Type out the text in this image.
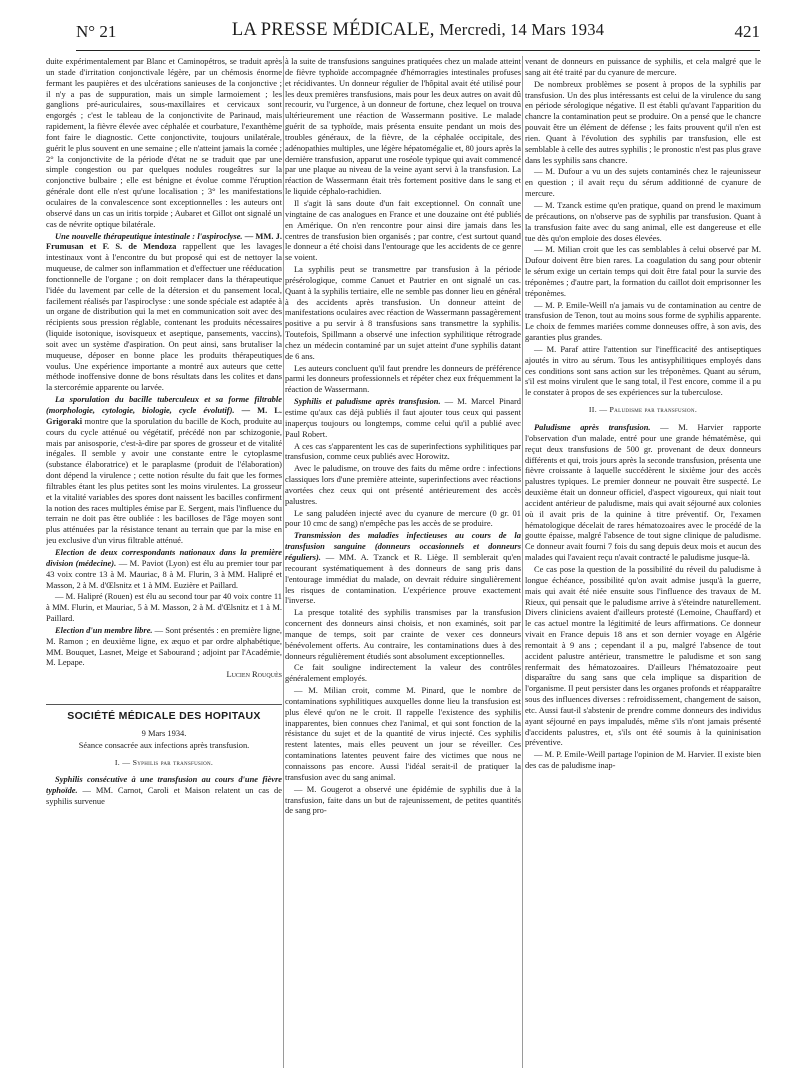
N° 21	LA PRESSE MÉDICALE, Mercredi, 14 Mars 1934	421

duite expérimentalement par Blanc et Caminopétros, se traduit après un stade d'irritation conjonctivale légère, par un chémosis énorme fermant les paupières et des ulcérations sanieuses de la conjonctive ; il n'y a pas de suppuration, mais un simple larmoiement ; les ganglions pré-auriculaires, sous-maxillaires et cervicaux sont engorgés ; c'est le tableau de la conjonctivite de Parinaud, mais rapidement, la fièvre élevée avec céphalée et courbature, l'exanthème font faire le diagnostic. Cette conjonctivite, toujours unilatérale, guérit le plus souvent en une semaine ; elle n'atteint jamais la cornée ; 2° la conjonctivite de la période d'état ne se traduit que par une simple congestion ou par quelques nodules rougeâtres sur la conjonctive bulbaire ; elle est bénigne et évolue comme l'éruption générale dont elle n'est qu'une localisation ; 3° les manifestations oculaires de la convalescence sont exceptionnelles : les auteurs ont observé dans un cas un iritis torpide ; Aubaret et Gillot ont signalé un cas de névrite optique bilatérale.

Une nouvelle thérapeutique intestinale : l'aspiroclyse. — MM. J. Frumusan et F. S. de Mendoza rappellent que les lavages intestinaux vont à l'encontre du but proposé qui est de nettoyer la muqueuse, de calmer son inflammation et d'effectuer une rééducation fonctionnelle de l'organe ; on doit remplacer dans la thérapeutique l'idée du lavement par celle de la détersion et du pansement local, facilement réalisés par l'aspiroclyse : une sonde spéciale est adaptée à un organe de distribution qui la met en communication soit avec des récipients sous pression réglable, contenant les produits nécessaires (liquide isotonique, isovisqueux et aseptique, pansements, vaccins), soit avec un système d'aspiration. On peut ainsi, sans brutaliser la muqueuse, déposer en bonne place les produits thérapeutiques voulus. Une expérience importante a montré aux auteurs que cette méthode inoffensive donne de bons résultats dans les colites et dans la stercorémie apparente ou larvée.

La sporulation du bacille tuberculeux et sa forme filtrable (morphologie, cytologie, biologie, cycle évolutif). — M. L. Grigoraki montre que la sporulation du bacille de Koch, produite au cours du cycle atténué ou végétatif, précédé non par schizogonie, mais par anisosporie, c'est-à-dire par spores de grosseur et de vitalité inégales. Il semble y avoir une constante entre le cytoplasme (substance élaboratrice) et le paraplasme (produit de l'élaboration) dont dépend la virulence ; cette notion résulte du fait que les formes filtrables étant les plus petites sont les moins virulentes. La grosseur et la vitalité variables des spores dont naissent les bacilles confirment la notion des races multiples émise par E. Sergent, mais l'influence du terrain ne doit pas être oubliée : les bacilloses de l'âge moyen sont plus atténuées par la résistance tenant au terrain que par la mise en jeu exclusive d'un virus filtrable atténué.

Election de deux correspondants nationaux dans la première division (médecine). — M. Paviot (Lyon) est élu au premier tour par 43 voix contre 13 à M. Mauriac, 8 à M. Flurin, 3 à MM. Halipré et Masson, 2 à M. d'Œlsnitz et 1 à MM. Euzière et Paillard.

— M. Halipré (Rouen) est élu au second tour par 40 voix contre 11 à MM. Flurin, et Mauriac, 5 à M. Masson, 2 à M. d'Œlsnitz et 1 à M. Paillard.

Election d'un membre libre. — Sont présentés : en première ligne, M. Ramon ; en deuxième ligne, ex æquo et par ordre alphabétique, MM. Bouquet, Lasnet, Meige et Sabourand ; adjoint par l'Académie, M. Lepape.

Lucien Rouquès

SOCIÉTÉ MÉDICALE DES HOPITAUX

9 Mars 1934.

Séance consacrée aux infections après transfusion.

I. — Syphilis par transfusion.

Syphilis consécutive à une transfusion au cours d'une fièvre typhoïde. — MM. Carnot, Caroli et Maison relatent un cas de syphilis survenue

à la suite de transfusions sanguines pratiquées chez un malade atteint de fièvre typhoïde accompagnée d'hémorragies intestinales profuses et récidivantes. Un donneur régulier de l'hôpital avait été utilisé pour les deux premières transfusions, mais pour les deux autres on avait dû recourir, vu l'urgence, à un donneur de fortune, chez lequel on trouva ultérieurement une réaction de Wassermann positive. Le malade guérit de sa typhoïde, mais présenta ensuite pendant un mois des troubles généraux, de la fièvre, de la céphalée occipitale, des adénopathies multiples, une légère hépatomégalie et, 80 jours après la dernière transfusion, apparut une roséole typique qui avait commencé par une plaque au niveau de la veine ayant servi à la transfusion. La réaction de Wassermann était très fortement positive dans le sang et le liquide céphalo-rachidien.

Il s'agit là sans doute d'un fait exceptionnel. On connaît une vingtaine de cas analogues en France et une douzaine ont été publiés en Amérique. On n'en rencontre pour ainsi dire jamais dans les centres de transfusion bien organisés ; par contre, c'est surtout quand le donneur a été choisi dans l'entourage que les accidents de ce genre se voient.

La syphilis peut se transmettre par transfusion à la période présérologique, comme Canuet et Pautrier en ont signalé un cas. Quant à la syphilis tertiaire, elle ne semble pas donner lieu en général à des accidents après transfusion. Un donneur atteint de manifestations oculaires avec réaction de Wassermann passagèrement positive a pu servir à 8 transfusions sans transmettre la syphilis. Toutefois, Spillmann a observé une infection syphilitique rétrograde chez un médecin contaminé par un sujet atteint d'une syphilis datant de 6 ans.

Les auteurs concluent qu'il faut prendre les donneurs de préférence parmi les donneurs professionnels et répéter chez eux fréquemment la réaction de Wassermann.

Syphilis et paludisme après transfusion. — M. Marcel Pinard estime qu'aux cas déjà publiés il faut ajouter tous ceux qui passent inaperçus toujours ou longtemps, comme celui qu'il a publié avec Paul Robert.

A ces cas s'apparentent les cas de superinfections syphilitiques par transfusion, comme ceux publiés avec Horowitz.

Avec le paludisme, on trouve des faits du même ordre : infections classiques lors d'une première atteinte, superinfections avec réactions avortées chez ceux qui ont présenté antérieurement des accès palustres.

Le sang paludéen injecté avec du cyanure de mercure (0 gr. 01 pour 10 cmc de sang) n'empêche pas les accès de se produire.

Transmission des maladies infectieuses au cours de la transfusion sanguine (donneurs occasionnels et donneurs réguliers). — MM. A. Tzanck et R. Liège. Il semblerait qu'en recourant systématiquement à des donneurs de sang pris dans l'entourage immédiat du malade, on devrait réduire singulièrement les risques de contamination. L'expérience prouve exactement l'inverse.

La presque totalité des syphilis transmises par la transfusion concernent des donneurs ainsi choisis, et non examinés, soit par manque de temps, soit par crainte de vexer ces donneurs bénévolement offerts. Au contraire, les contaminations dues à des donneurs régulièrement étudiés sont absolument exceptionnelles.

Ce fait souligne indirectement la valeur des contrôles généralement employés.

— M. Milian croit, comme M. Pinard, que le nombre de contaminations syphilitiques auxquelles donne lieu la transfusion est plus élevé qu'on ne le croit. Il rappelle l'existence des syphilis inapparentes, bien connues chez l'animal, et qui sont fonction de la résistance du sujet et de la quantité de virus injecté. Ces syphilis restent latentes, mais elles peuvent un jour se réveiller. Ces contaminations latentes peuvent faire des victimes que nous ne connaissons pas encore. Aussi l'idéal serait-il de pratiquer la transfusion avec du sang animal.

— M. Gougerot a observé une épidémie de syphilis due à la transfusion, faite dans un but de rajeunissement, de petites quantités de sang pro-

venant de donneurs en puissance de syphilis, et cela malgré que le sang ait été traité par du cyanure de mercure.

De nombreux problèmes se posent à propos de la syphilis par transfusion. Un des plus intéressants est celui de la virulence du sang en période sérologique négative. Il est établi qu'avant l'apparition du chancre la contamination peut se produire. On a pensé que le chancre pouvait être un élément de défense ; les faits prouvent qu'il n'en est rien. Quant à l'évolution des syphilis par transfusion, elle est semblable à celle des autres syphilis ; le pronostic n'est pas plus grave dans les syphilis sans chancre.

— M. Dufour a vu un des sujets contaminés chez le rajeunisseur en question ; il avait reçu du sérum additionné de cyanure de mercure.

— M. Tzanck estime qu'en pratique, quand on prend le maximum de précautions, on n'observe pas de syphilis par transfusion. Quant à la transfusion faite avec du sang animal, elle est dangereuse et elle tue dès qu'on emploie des doses élevées.

— M. Milian croit que les cas semblables à celui observé par M. Dufour doivent être bien rares. La coagulation du sang pour obtenir le sérum exige un certain temps qui doit être fatal pour la survie des tréponèmes ; d'autre part, la formation du caillot doit emprisonner les tréponèmes.

— M. P. Emile-Weill n'a jamais vu de contamination au centre de transfusion de Tenon, tout au moins sous forme de syphilis apparente. Le choix de femmes mariées comme donneuses offre, à son avis, des garanties plus grandes.

— M. Paraf attire l'attention sur l'inefficacité des antiseptiques ajoutés in vitro au sérum. Tous les antisyphilitiques employés dans ces conditions sont sans action sur les tréponèmes. Quant au sérum, s'il est moins virulent que le sang total, il l'est encore, comme il a pu le constater à propos de ses expériences sur la tuberculose.

II. — Paludisme par transfusion.

Paludisme après transfusion. — M. Harvier rapporte l'observation d'un malade, entré pour une grande hématémèse, qui reçut deux transfusions de 500 gr. provenant de deux donneurs différents et qui, trois jours après la seconde transfusion, présenta une fièvre croissante à laquelle succédèrent le sixième jour des accès palustres typiques. Le premier donneur ne pouvait être suspecté. Le deuxième était un donneur officiel, d'aspect vigoureux, qui niait tout accident antérieur de paludisme, mais qui avait séjourné aux colonies où il avait pris de la quinine à titre préventif. Or, l'examen hématologique décelait de rares hématozoaires avec le procédé de la goutte épaisse, malgré l'absence de tout signe clinique de paludisme. Ce donneur avait fourni 7 fois du sang depuis deux mois et aucun des malades qui l'avaient reçu n'avait contracté le paludisme jusque-là.

Ce cas pose la question de la possibilité du réveil du paludisme à longue échéance, possibilité qu'on avait admise jusqu'à la guerre, mais qui avait été niée ensuite sous l'influence des travaux de M. Rieux, qui pensait que le paludisme arrive à s'éteindre naturellement. Divers cliniciens avaient d'ailleurs protesté (Lemoine, Chauffard) et le cas actuel montre la légitimité de leurs affirmations. Ce donneur vivait en France depuis 18 ans et son dernier voyage en Algérie remontait à 9 ans ; cependant il a pu, malgré l'absence de tout accident palustre antérieur, transmettre le paludisme et son sang renfermait des hématozoaires. D'ailleurs l'hématozoaire peut disparaître du sang sans que cela implique sa disparition de l'organisme. Il peut persister dans les organes profonds et réapparaître sous des influences diverses : refroidissement, changement de saison, etc. Aussi faut-il s'abstenir de prendre comme donneurs des individus ayant séjourné en pays impaludés, même s'ils n'ont jamais présenté d'accidents palustres, et, s'ils ont été soumis à la quininisation préventive.

— M. P. Emile-Weill partage l'opinion de M. Harvier. Il existe bien des cas de paludisme inap-
